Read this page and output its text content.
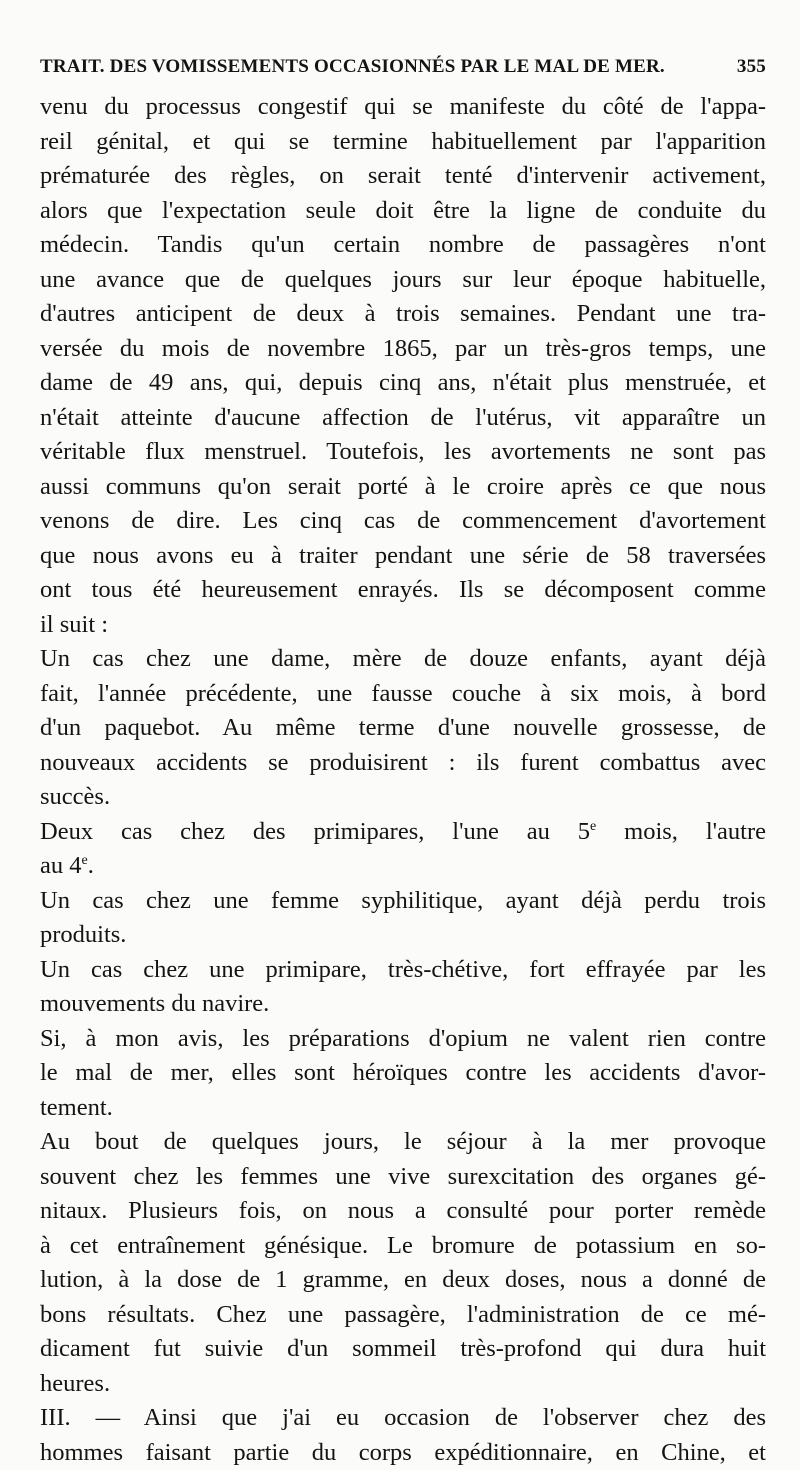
TRAIT. DES VOMISSEMENTS OCCASIONNÉS PAR LE MAL DE MER.	355
venu du processus congestif qui se manifeste du côté de l'appa-
reil génital, et qui se termine habituellement par l'apparition
prématurée des règles, on serait tenté d'intervenir activement,
alors que l'expectation seule doit être la ligne de conduite du
médecin. Tandis qu'un certain nombre de passagères n'ont
une avance que de quelques jours sur leur époque habituelle,
d'autres anticipent de deux à trois semaines. Pendant une tra-
versée du mois de novembre 1865, par un très-gros temps, une
dame de 49 ans, qui, depuis cinq ans, n'était plus menstruée, et
n'était atteinte d'aucune affection de l'utérus, vit apparaître un
véritable flux menstruel. Toutefois, les avortements ne sont pas
aussi communs qu'on serait porté à le croire après ce que nous
venons de dire. Les cinq cas de commencement d'avortement
que nous avons eu à traiter pendant une série de 58 traversées
ont tous été heureusement enrayés. Ils se décomposent comme
il suit :
Un cas chez une dame, mère de douze enfants, ayant déjà
fait, l'année précédente, une fausse couche à six mois, à bord
d'un paquebot. Au même terme d'une nouvelle grossesse, de
nouveaux accidents se produisirent : ils furent combattus avec
succès.
Deux cas chez des primipares, l'une au 5e mois, l'autre
au 4e.
Un cas chez une femme syphilitique, ayant déjà perdu trois
produits.
Un cas chez une primipare, très-chétive, fort effrayée par les
mouvements du navire.
Si, à mon avis, les préparations d'opium ne valent rien contre
le mal de mer, elles sont héroïques contre les accidents d'avor-
tement.
Au bout de quelques jours, le séjour à la mer provoque
souvent chez les femmes une vive surexcitation des organes gé-
nitaux. Plusieurs fois, on nous a consulté pour porter remède
à cet entraînement génésique. Le bromure de potassium en so-
lution, à la dose de 1 gramme, en deux doses, nous a donné de
bons résultats. Chez une passagère, l'administration de ce mé-
dicament fut suivie d'un sommeil très-profond qui dura huit
heures.
III. — Ainsi que j'ai eu occasion de l'observer chez des
hommes faisant partie du corps expéditionnaire, en Chine, et
